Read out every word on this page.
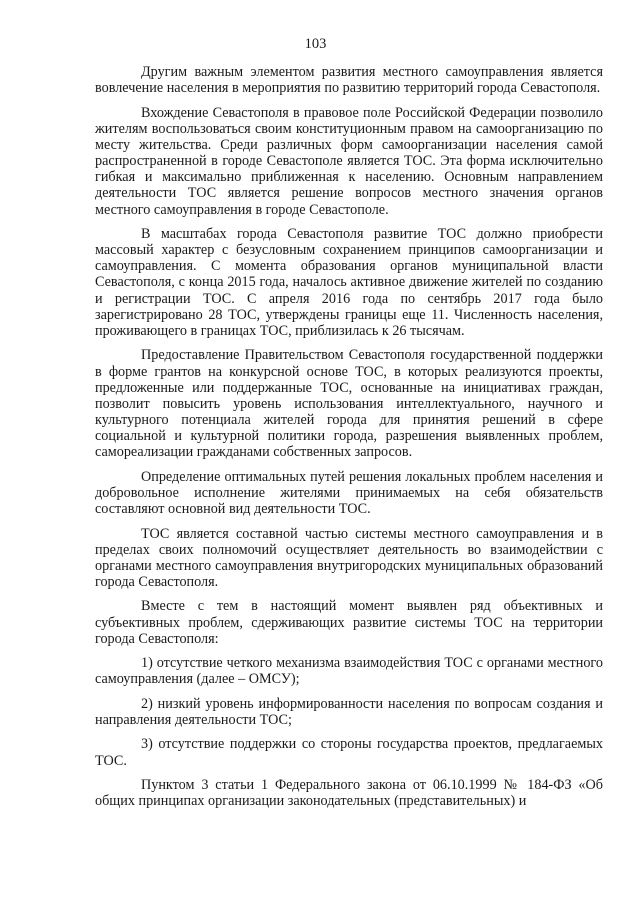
103

Другим важным элементом развития местного самоуправления является вовлечение населения в мероприятия по развитию территорий города Севастополя.

Вхождение Севастополя в правовое поле Российской Федерации позволило жителям воспользоваться своим конституционным правом на самоорганизацию по месту жительства. Среди различных форм самоорганизации населения самой распространенной в городе Севастополе является ТОС. Эта форма исключительно гибкая и максимально приближенная к населению. Основным направлением деятельности ТОС является решение вопросов местного значения органов местного самоуправления в городе Севастополе.

В масштабах города Севастополя развитие ТОС должно приобрести массовый характер с безусловным сохранением принципов самоорганизации и самоуправления. С момента образования органов муниципальной власти Севастополя, с конца 2015 года, началось активное движение жителей по созданию и регистрации ТОС. С апреля 2016 года по сентябрь 2017 года было зарегистрировано 28 ТОС, утверждены границы еще 11. Численность населения, проживающего в границах ТОС, приблизилась к 26 тысячам.

Предоставление Правительством Севастополя государственной поддержки в форме грантов на конкурсной основе ТОС, в которых реализуются проекты, предложенные или поддержанные ТОС, основанные на инициативах граждан, позволит повысить уровень использования интеллектуального, научного и культурного потенциала жителей города для принятия решений в сфере социальной и культурной политики города, разрешения выявленных проблем, самореализации гражданами собственных запросов.

Определение оптимальных путей решения локальных проблем населения и добровольное исполнение жителями принимаемых на себя обязательств составляют основной вид деятельности ТОС.

ТОС является составной частью системы местного самоуправления и в пределах своих полномочий осуществляет деятельность во взаимодействии с органами местного самоуправления внутригородских муниципальных образований города Севастополя.

Вместе с тем в настоящий момент выявлен ряд объективных и субъективных проблем, сдерживающих развитие системы ТОС на территории города Севастополя:

1) отсутствие четкого механизма взаимодействия ТОС с органами местного самоуправления (далее – ОМСУ);

2) низкий уровень информированности населения по вопросам создания и направления деятельности ТОС;

3) отсутствие поддержки со стороны государства проектов, предлагаемых ТОС.

Пунктом 3 статьи 1 Федерального закона от 06.10.1999 № 184-ФЗ «Об общих принципах организации законодательных (представительных) и
